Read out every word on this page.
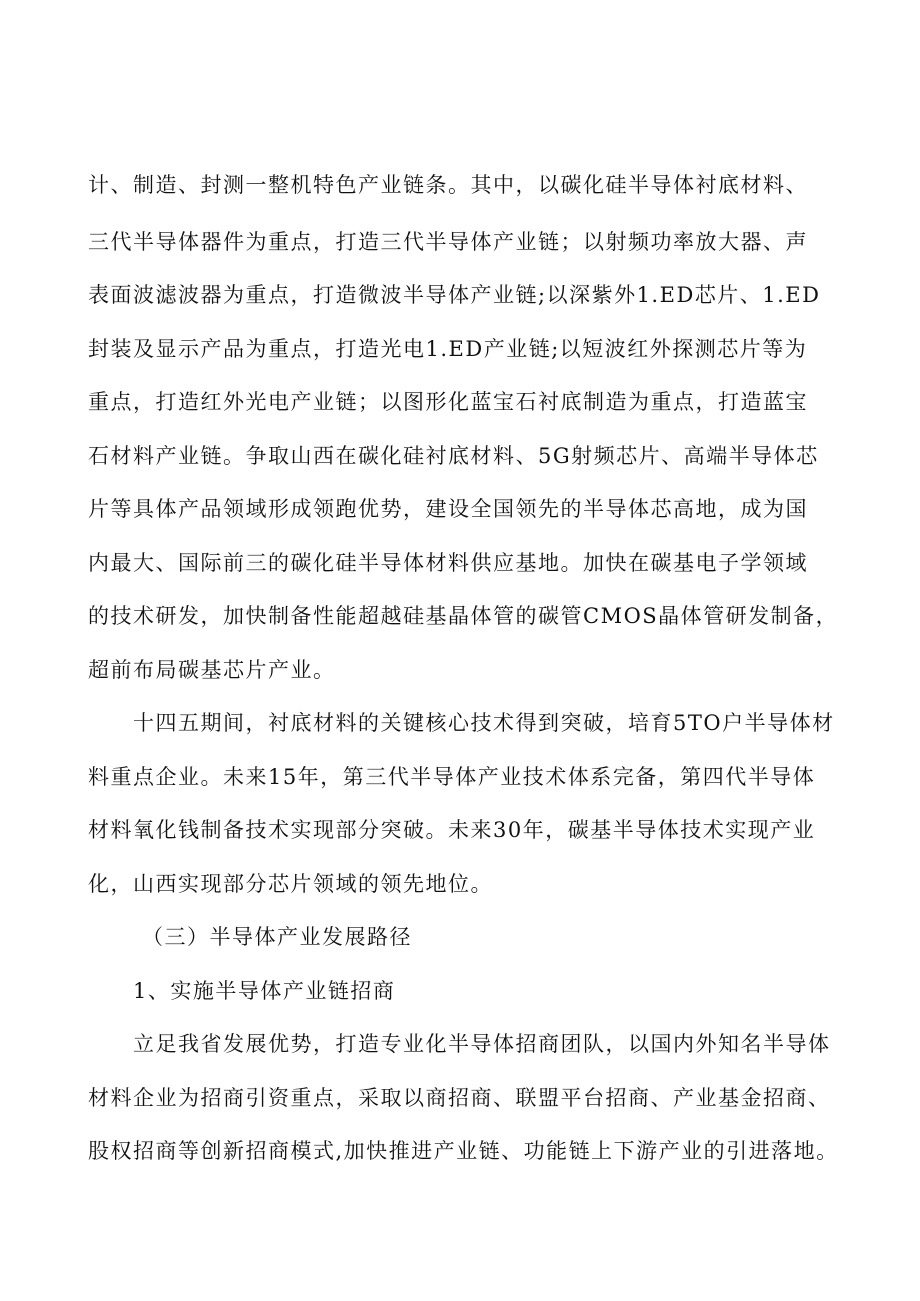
计、制造、封测一整机特色产业链条。其中，以碳化硅半导体衬底材料、
三代半导体器件为重点，打造三代半导体产业链；以射频功率放大器、声
表面波滤波器为重点，打造微波半导体产业链;以深紫外1.ED芯片、1.ED
封装及显示产品为重点，打造光电1.ED产业链;以短波红外探测芯片等为
重点，打造红外光电产业链；以图形化蓝宝石衬底制造为重点，打造蓝宝
石材料产业链。争取山西在碳化硅衬底材料、5G射频芯片、高端半导体芯
片等具体产品领域形成领跑优势，建设全国领先的半导体芯高地，成为国
内最大、国际前三的碳化硅半导体材料供应基地。加快在碳基电子学领域
的技术研发，加快制备性能超越硅基晶体管的碳管CMOS晶体管研发制备，
超前布局碳基芯片产业。
十四五期间，衬底材料的关键核心技术得到突破，培育5TO户半导体材
料重点企业。未来15年，第三代半导体产业技术体系完备，第四代半导体
材料氧化钱制备技术实现部分突破。未来30年，碳基半导体技术实现产业
化，山西实现部分芯片领域的领先地位。
（三）半导体产业发展路径
1、实施半导体产业链招商
立足我省发展优势，打造专业化半导体招商团队，以国内外知名半导体
材料企业为招商引资重点，采取以商招商、联盟平台招商、产业基金招商、
股权招商等创新招商模式,加快推进产业链、功能链上下游产业的引进落地。
